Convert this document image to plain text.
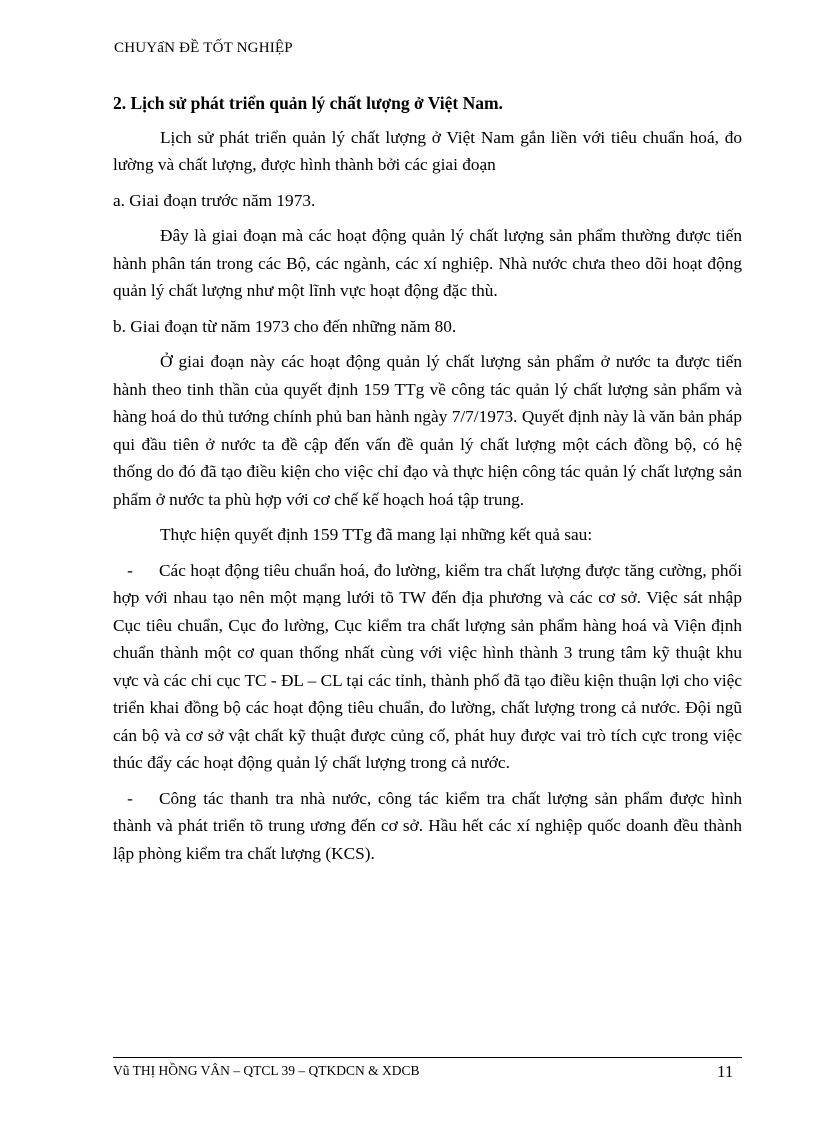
CHUYấN ĐỀ TỐT NGHIỆP

2. Lịch sử phát triển quản lý chất lượng ở Việt Nam.

Lịch sử phát triển quản lý chất lượng ở Việt Nam gắn liền với tiêu chuẩn hoá, đo lường và chất lượng, được hình thành bởi các giai đoạn

a. Giai đoạn trước năm 1973.

Đây là giai đoạn mà các hoạt động quản lý chất lượng sản phẩm thường được tiến hành phân tán trong các Bộ, các ngành, các xí nghiệp. Nhà nước chưa theo dõi hoạt động quản lý chất lượng như một lĩnh vực hoạt động đặc thù.

b. Giai đoạn từ năm 1973 cho đến những năm 80.

Ở giai đoạn này các hoạt động quản lý chất lượng sản phẩm ở nước ta được tiến hành theo tinh thần của quyết định 159 TTg về công tác quản lý chất lượng sản phẩm và hàng hoá do thủ tướng chính phủ ban hành ngày 7/7/1973. Quyết định này là văn bản pháp qui đầu tiên ở nước ta đề cập đến vấn đề quản lý chất lượng một cách đồng bộ, có hệ thống do đó đã tạo điều kiện cho việc chỉ đạo và thực hiện công tác quản lý chất lượng sản phẩm ở nước ta phù hợp với cơ chế kế hoạch hoá tập trung.

Thực hiện quyết định 159 TTg đã mang lại những kết quả sau:

-	Các hoạt động tiêu chuẩn hoá, đo lường, kiểm tra chất lượng được tăng cường, phối hợp với nhau tạo nên một mạng lưới tõ TW đến địa phương và các cơ sở. Việc sát nhập Cục tiêu chuẩn, Cục đo lường, Cục kiểm tra chất lượng sản phẩm hàng hoá và Viện định chuẩn thành một cơ quan thống nhất cùng với việc hình thành 3 trung tâm kỹ thuật khu vực và các chi cục TC - ĐL – CL tại các tỉnh, thành phố đã tạo điều kiện thuận lợi cho việc triển khai đồng bộ các hoạt động tiêu chuẩn, đo lường, chất lượng trong cả nước. Đội ngũ cán bộ và cơ sở vật chất kỹ thuật được củng cố, phát huy được vai trò tích cực trong việc thúc đẩy các hoạt động quản lý chất lượng trong cả nước.
-	Công tác thanh tra nhà nước, công tác kiểm tra chất lượng sản phẩm được hình thành và phát triển tõ trung ương đến cơ sở. Hầu hết các xí nghiệp quốc doanh đều thành lập phòng kiểm tra chất lượng (KCS).
Vũ THỊ HỒNG VÂN – QTCL 39 – QTKDCN & XDCB	11
